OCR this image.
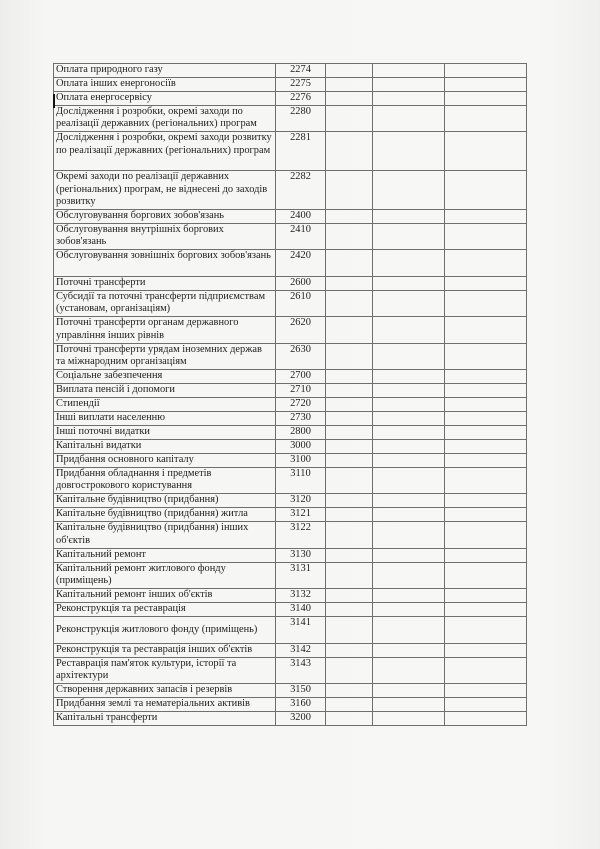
Оплата природного газу	2274			
Оплата інших енергоносіїв	2275			
Оплата енергосервісу	2276			
Дослідження і розробки, окремі заходи по реалізації державних (регіональних) програм	2280			
Дослідження і розробки, окремі заходи розвитку по реалізації державних (регіональних) програм	2281			
Окремі заходи по реалізації державних (регіональних) програм, не віднесені до заходів розвитку	2282			
Обслуговування боргових зобов'язань	2400			
Обслуговування внутрішніх боргових зобов'язань	2410			
Обслуговування зовнішніх боргових зобов'язань	2420			
Поточні трансферти	2600			
Субсидії та поточні трансферти підприємствам (установам, організаціям)	2610			
Поточні трансферти органам державного управління інших рівнів	2620			
Поточні трансферти урядам іноземних держав та міжнародним організаціям	2630			
Соціальне забезпечення	2700			
Виплата пенсій і допомоги	2710			
Стипендії	2720			
Інші виплати населенню	2730			
Інші поточні видатки	2800			
Капітальні видатки	3000			
Придбання основного капіталу	3100			
Придбання обладнання і предметів довгострокового користування	3110			
Капітальне будівництво (придбання)	3120			
Капітальне будівництво (придбання) житла	3121			
Капітальне будівництво (придбання) інших об'єктів	3122			
Капітальний ремонт	3130			
Капітальний ремонт житлового фонду (приміщень)	3131			
Капітальний ремонт інших об'єктів	3132			
Реконструкція та реставрація	3140			
Реконструкція житлового фонду (приміщень)	3141			
Реконструкція та реставрація інших об'єктів	3142			
Реставрація пам'яток культури, історії та архітектури	3143			
Створення державних запасів і резервів	3150			
Придбання землі та нематеріальних активів	3160			
Капітальні трансферти	3200			
